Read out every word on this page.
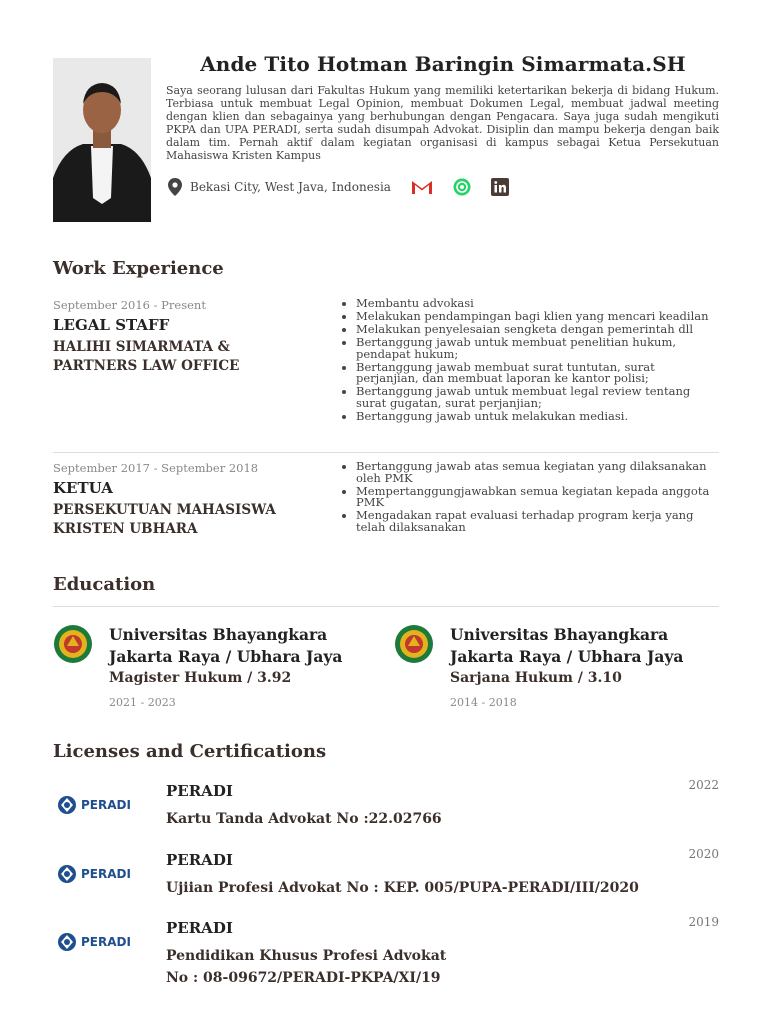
Ande Tito Hotman Baringin Simarmata.SH
Saya seorang lulusan dari Fakultas Hukum yang memiliki ketertarikan bekerja di bidang Hukum. Terbiasa untuk membuat Legal Opinion, membuat Dokumen Legal, membuat jadwal meeting dengan klien dan sebagainya yang berhubungan dengan Pengacara. Saya juga sudah mengikuti PKPA dan UPA PERADI, serta sudah disumpah Advokat. Disiplin dan mampu bekerja dengan baik dalam tim. Pernah aktif dalam kegiatan organisasi di kampus sebagai Ketua Persekutuan Mahasiswa Kristen Kampus
Bekasi City, West Java, Indonesia
Work Experience
September 2016 - Present
LEGAL STAFF
HALIHI SIMARMATA & PARTNERS LAW OFFICE
• Membantu advokasi
• Melakukan pendampingan bagi klien yang mencari keadilan
• Melakukan penyelesaian sengketa dengan pemerintah dll
• Bertanggung jawab untuk membuat penelitian hukum, pendapat hukum;
• Bertanggung jawab membuat surat tuntutan, surat perjanjian, dan membuat laporan ke kantor polisi;
• Bertanggung jawab untuk membuat legal review tentang surat gugatan, surat perjanjian;
• Bertanggung jawab untuk melakukan mediasi.
September 2017 - September 2018
KETUA
PERSEKUTUAN MAHASISWA KRISTEN UBHARA
• Bertanggung jawab atas semua kegiatan yang dilaksanakan oleh PMK
• Mempertanggungjawabkan semua kegiatan kepada anggota PMK
• Mengadakan rapat evaluasi terhadap program kerja yang telah dilaksanakan
Education
Universitas Bhayangkara Jakarta Raya / Ubhara Jaya
Magister Hukum / 3.92
2021 - 2023
Universitas Bhayangkara Jakarta Raya / Ubhara Jaya
Sarjana Hukum / 3.10
2014 - 2018
Licenses and Certifications
PERADI
PERADI
Kartu Tanda Advokat No :22.02766
2022
PERADI
PERADI
Ujiian Profesi Advokat No : KEP. 005/PUPA-PERADI/III/2020
2020
PERADI
PERADI
Pendidikan Khusus Profesi Advokat No : 08-09672/PERADI-PKPA/XI/19
2019
